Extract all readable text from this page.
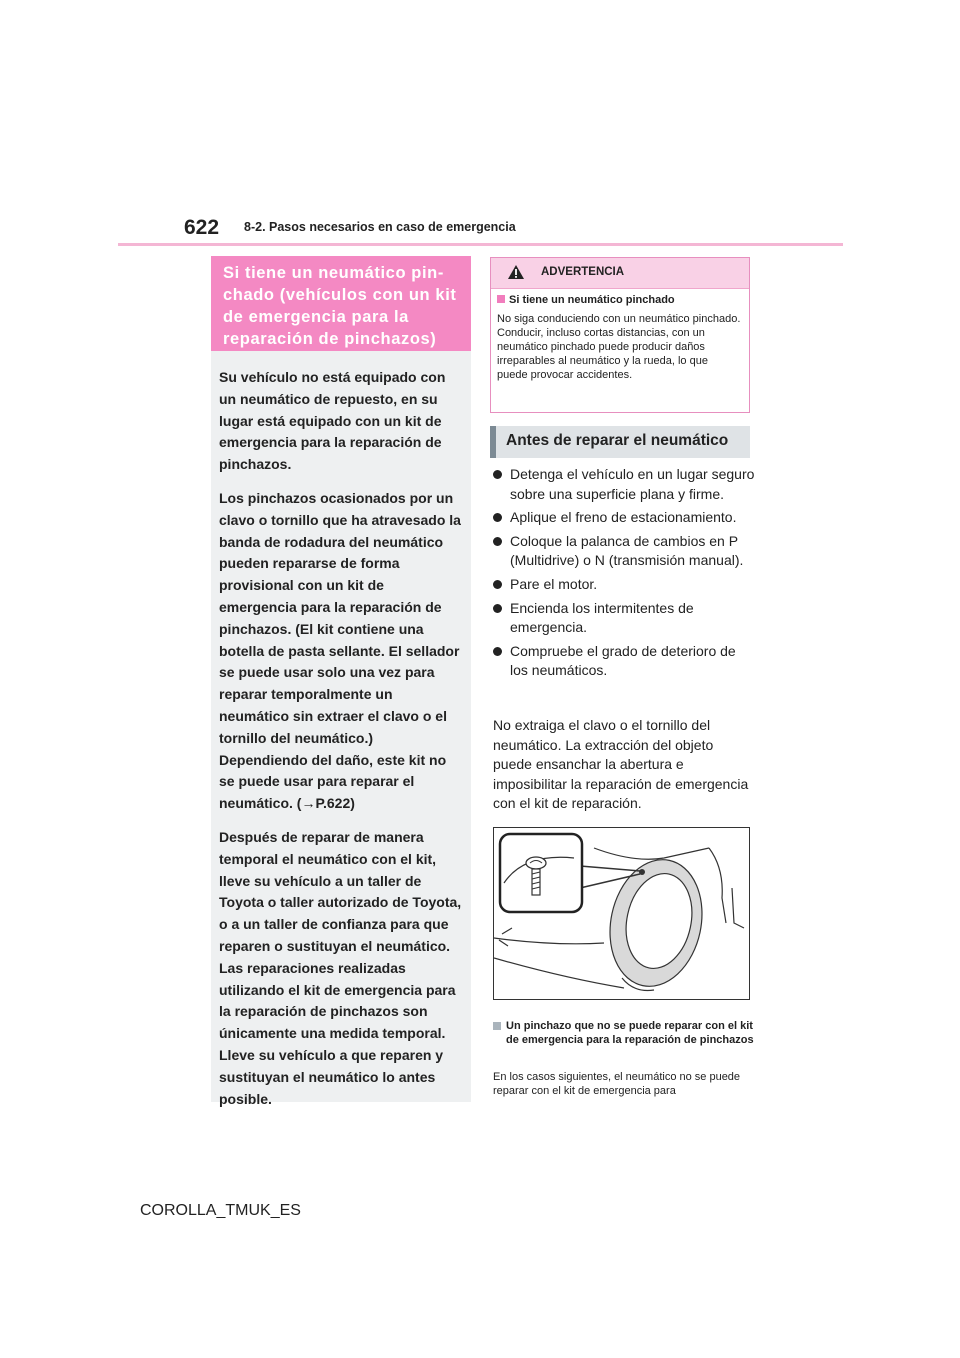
622 8-2. Pasos necesarios en caso de emergencia
Si tiene un neumático pin-
chado (vehículos con un kit
de emergencia para la
reparación de pinchazos)

Su vehículo no está equipado con un neumático de repuesto, en su lugar está equipado con un kit de emergencia para la reparación de pinchazos.

Los pinchazos ocasionados por un clavo o tornillo que ha atravesado la banda de rodadura del neumático pueden repararse de forma provisional con un kit de emergencia para la reparación de pinchazos. (El kit contiene una botella de pasta sellante. El sellador se puede usar solo una vez para reparar temporalmente un neumático sin extraer el clavo o el tornillo del neumático.) Dependiendo del daño, este kit no se puede usar para reparar el neumático. (→P.622)

Después de reparar de manera temporal el neumático con el kit, lleve su vehículo a un taller de Toyota o taller autorizado de Toyota, o a un taller de confianza para que reparen o sustituyan el neumático. Las reparaciones realizadas utilizando el kit de emergencia para la reparación de pinchazos son únicamente una medida temporal. Lleve su vehículo a que reparen y sustituyan el neumático lo antes posible.

ADVERTENCIA
Si tiene un neumático pinchado
No siga conduciendo con un neumático pinchado.
Conducir, incluso cortas distancias, con un neumático pinchado puede producir daños irreparables al neumático y la rueda, lo que puede provocar accidentes.
Antes de reparar el neumático
Detenga el vehículo en un lugar seguro sobre una superficie plana y firme.
Aplique el freno de estacionamiento.
Coloque la palanca de cambios en P (Multidrive) o N (transmisión manual).
Pare el motor.
Encienda los intermitentes de emergencia.
Compruebe el grado de deterioro de los neumáticos.
No extraiga el clavo o el tornillo del neumático. La extracción del objeto puede ensanchar la abertura e imposibilitar la reparación de emergencia con el kit de reparación.
Un pinchazo que no se puede reparar con el kit de emergencia para la reparación de pinchazos
En los casos siguientes, el neumático no se puede reparar con el kit de emergencia para
COROLLA_TMUK_ES
